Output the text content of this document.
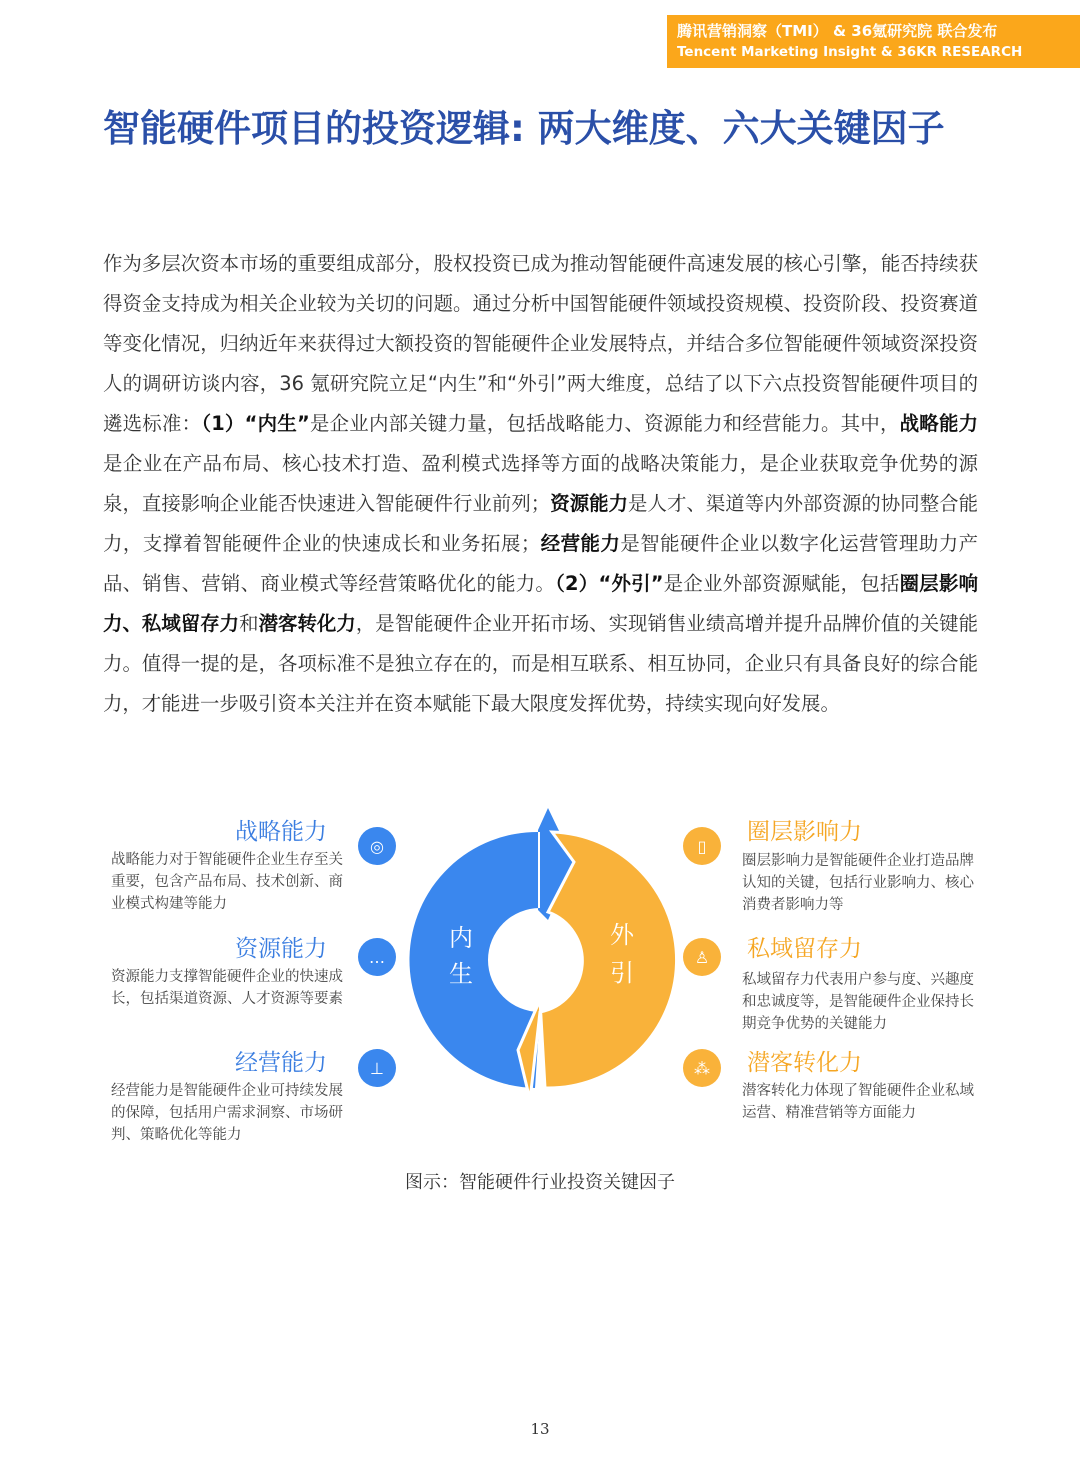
腾讯营销洞察（TMI） & 36氪研究院 联合发布
Tencent Marketing Insight & 36KR RESEARCH
智能硬件项目的投资逻辑: 两大维度、六大关键因子

作为多层次资本市场的重要组成部分，股权投资已成为推动智能硬件高速发展的核心引擎，能否持续获得资金支持成为相关企业较为关切的问题。通过分析中国智能硬件领域投资规模、投资阶段、投资赛道等变化情况，归纳近年来获得过大额投资的智能硬件企业发展特点，并结合多位智能硬件领域资深投资人的调研访谈内容，36 氪研究院立足“内生”和“外引”两大维度，总结了以下六点投资智能硬件项目的遴选标准：（1）“内生”是企业内部关键力量，包括战略能力、资源能力和经营能力。其中，战略能力是企业在产品布局、核心技术打造、盈利模式选择等方面的战略决策能力，是企业获取竞争优势的源泉，直接影响企业能否快速进入智能硬件行业前列；资源能力是人才、渠道等内外部资源的协同整合能力，支撑着智能硬件企业的快速成长和业务拓展；经营能力是智能硬件企业以数字化运营管理助力产品、销售、营销、商业模式等经营策略优化的能力。（2）“外引”是企业外部资源赋能，包括圈层影响力、私域留存力和潜客转化力，是智能硬件企业开拓市场、实现销售业绩高增并提升品牌价值的关键能力。值得一提的是，各项标准不是独立存在的，而是相互联系、相互协同，企业只有具备良好的综合能力，才能进一步吸引资本关注并在资本赋能下最大限度发挥优势，持续实现向好发展。

内
生
外
引
战略能力
战略能力对于智能硬件企业生存至关重要，包含产品布局、技术创新、商业模式构建等能力
◎
资源能力
资源能力支撑智能硬件企业的快速成长，包括渠道资源、人才资源等要素
…
经营能力
经营能力是智能硬件企业可持续发展的保障，包括用户需求洞察、市场研判、策略优化等能力
⊥
圈层影响力
圈层影响力是智能硬件企业打造品牌认知的关键，包括行业影响力、核心消费者影响力等
▯
私域留存力
私域留存力代表用户参与度、兴趣度和忠诚度等，是智能硬件企业保持长期竞争优势的关键能力
♙
潜客转化力
潜客转化力体现了智能硬件企业私域运营、精准营销等方面能力
⁂
图示：智能硬件行业投资关键因子
13
